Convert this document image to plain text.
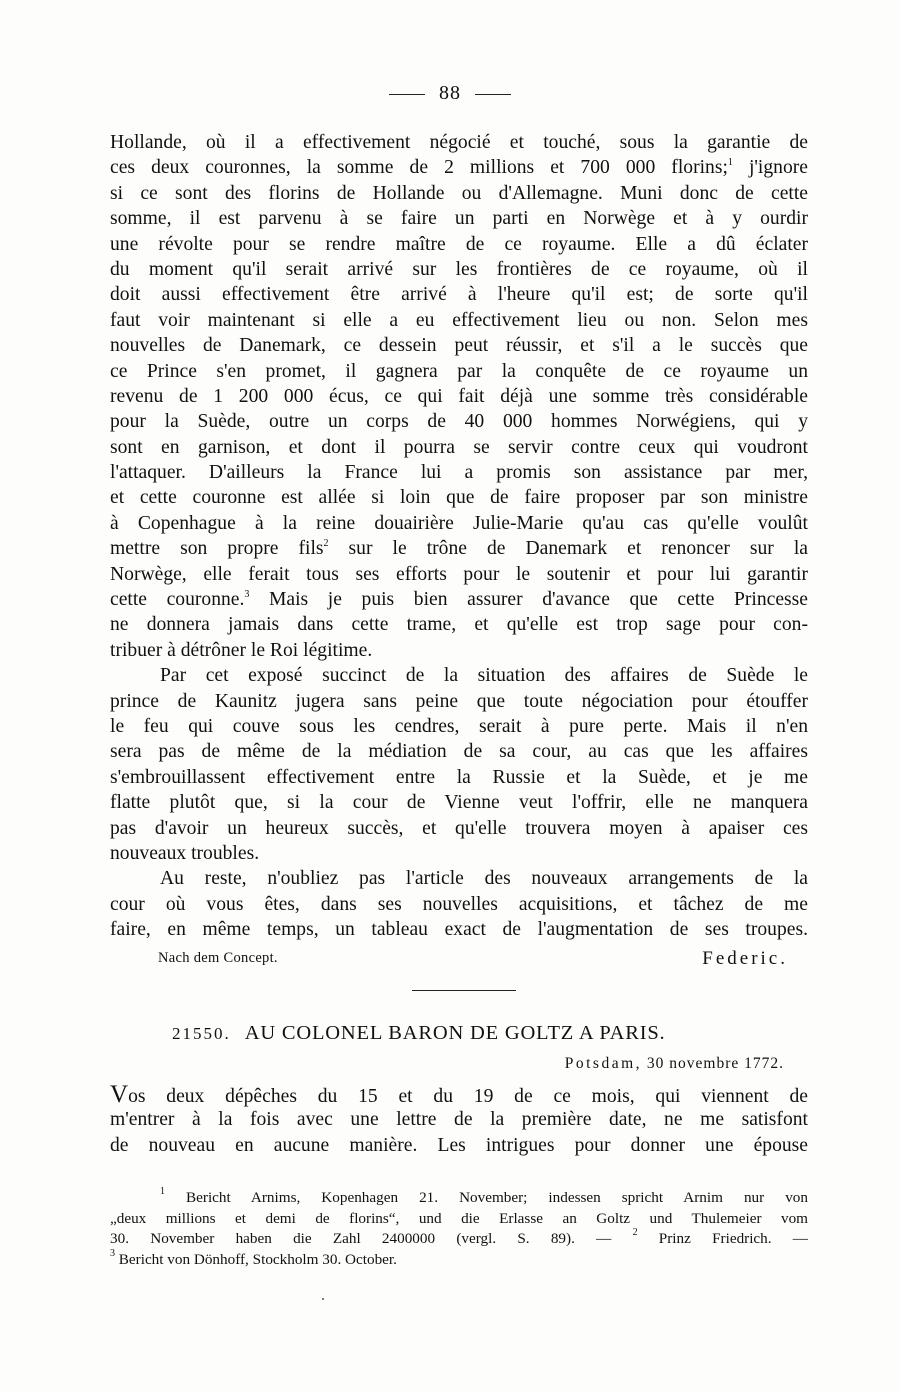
88
Hollande, où il a effectivement négocié et touché, sous la garantie de
ces deux couronnes, la somme de 2 millions et 700 000 florins;$^1$ j'ignore
si ce sont des florins de Hollande ou d'Allemagne. Muni donc de cette
somme, il est parvenu à se faire un parti en Norwège et à y ourdir
une révolte pour se rendre maître de ce royaume. Elle a dû éclater
du moment qu'il serait arrivé sur les frontières de ce royaume, où il
doit aussi effectivement être arrivé à l'heure qu'il est; de sorte qu'il
faut voir maintenant si elle a eu effectivement lieu ou non. Selon mes
nouvelles de Danemark, ce dessein peut réussir, et s'il a le succès que
ce Prince s'en promet, il gagnera par la conquête de ce royaume un
revenu de 1 200 000 écus, ce qui fait déjà une somme très considérable
pour la Suède, outre un corps de 40 000 hommes Norwégiens, qui y
sont en garnison, et dont il pourra se servir contre ceux qui voudront
l'attaquer. D'ailleurs la France lui a promis son assistance par mer,
et cette couronne est allée si loin que de faire proposer par son ministre
à Copenhague à la reine douairière Julie-Marie qu'au cas qu'elle voulût
mettre son propre fils$^2$ sur le trône de Danemark et renoncer sur la
Norwège, elle ferait tous ses efforts pour le soutenir et pour lui garantir
cette couronne.$^3$ Mais je puis bien assurer d'avance que cette Princesse
ne donnera jamais dans cette trame, et qu'elle est trop sage pour con-
tribuer à détrôner le Roi légitime.
Par cet exposé succinct de la situation des affaires de Suède le
prince de Kaunitz jugera sans peine que toute négociation pour étouffer
le feu qui couve sous les cendres, serait à pure perte. Mais il n'en
sera pas de même de la médiation de sa cour, au cas que les affaires
s'embrouillassent effectivement entre la Russie et la Suède, et je me
flatte plutôt que, si la cour de Vienne veut l'offrir, elle ne manquera
pas d'avoir un heureux succès, et qu'elle trouvera moyen à apaiser ces
nouveaux troubles.
Au reste, n'oubliez pas l'article des nouveaux arrangements de la
cour où vous êtes, dans ses nouvelles acquisitions, et tâchez de me
faire, en même temps, un tableau exact de l'augmentation de ses troupes.
Nach dem Concept.	Federic.
21550. AU COLONEL BARON DE GOLTZ A PARIS.
Potsdam, 30 novembre 1772.
Vos deux dépêches du 15 et du 19 de ce mois, qui viennent de
m'entrer à la fois avec une lettre de la première date, ne me satisfont
de nouveau en aucune manière. Les intrigues pour donner une épouse
$^1$ Bericht Arnims, Kopenhagen 21. November; indessen spricht Arnim nur von
„deux millions et demi de florins“, und die Erlasse an Goltz und Thulemeier vom
30. November haben die Zahl 2400000 (vergl. S. 89). — $^2$ Prinz Friedrich. —
$^3$ Bericht von Dönhoff, Stockholm 30. October.
